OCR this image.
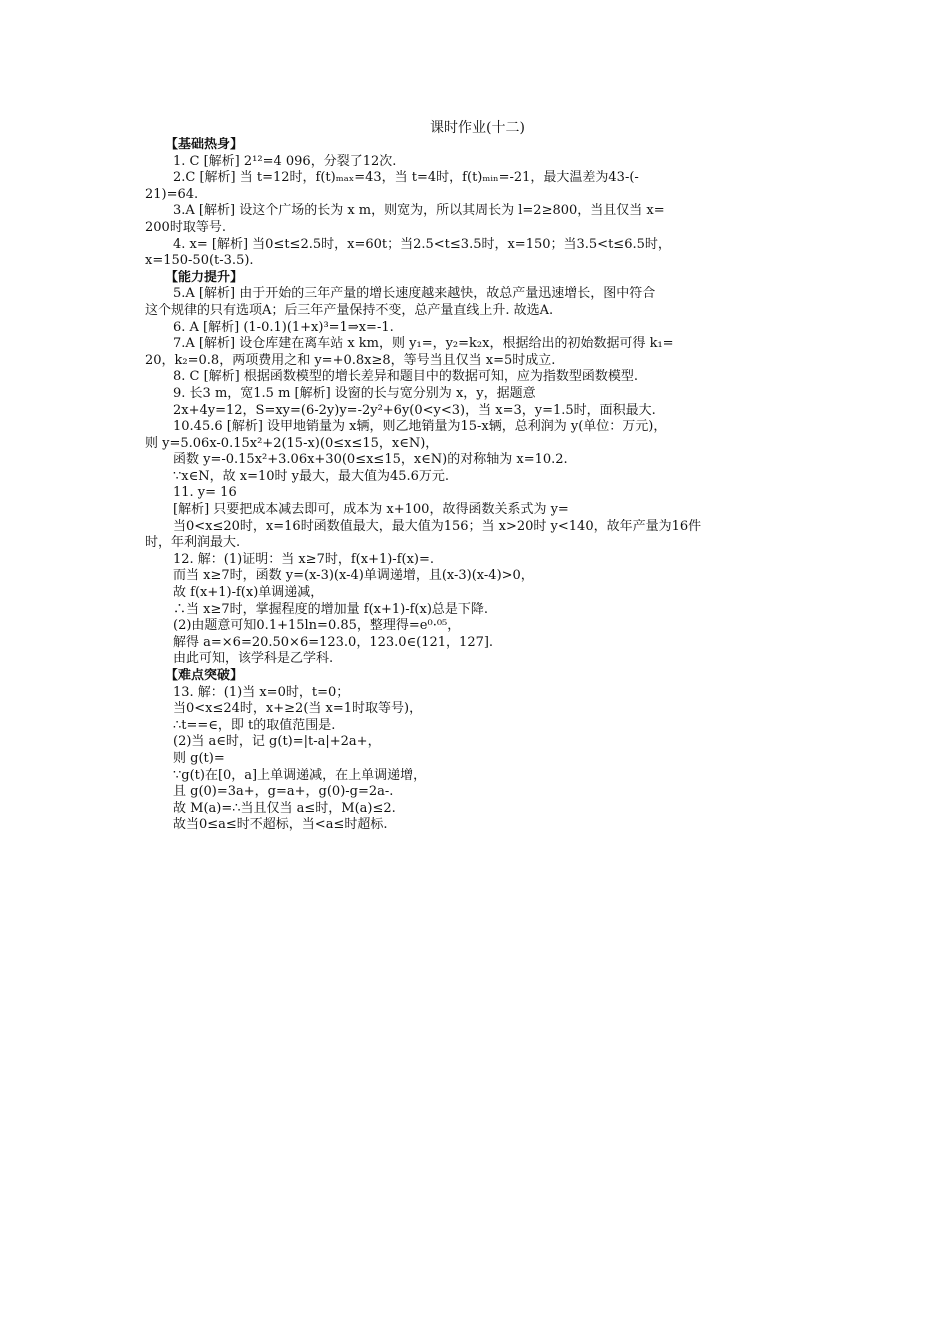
课时作业(十二)
【基础热身】
1. C [解析] 2¹²=4 096，分裂了12次.
2.C [解析] 当 t=12时，f(t)ₘₐₓ=43，当 t=4时，f(t)ₘᵢₙ=-21，最大温差为43-(-
21)=64.
3.A [解析] 设这个广场的长为 x m，则宽为，所以其周长为 l=2≥800，当且仅当 x=
200时取等号.
4. x= [解析] 当0≤t≤2.5时，x=60t；当2.5<t≤3.5时，x=150；当3.5<t≤6.5时，
x=150-50(t-3.5).
【能力提升】
5.A [解析] 由于开始的三年产量的增长速度越来越快，故总产量迅速增长，图中符合
这个规律的只有选项A；后三年产量保持不变，总产量直线上升. 故选A.
6. A [解析] (1-0.1)(1+x)³=1⇒x=-1.
7.A [解析] 设仓库建在离车站 x km，则 y₁=，y₂=k₂x，根据给出的初始数据可得 k₁=
20，k₂=0.8，两项费用之和 y=+0.8x≥8，等号当且仅当 x=5时成立.
8. C [解析] 根据函数模型的增长差异和题目中的数据可知，应为指数型函数模型.
9. 长3 m，宽1.5 m [解析] 设窗的长与宽分别为 x，y，据题意
2x+4y=12，S=xy=(6-2y)y=-2y²+6y(0<y<3)，当 x=3，y=1.5时，面积最大.
10.45.6 [解析] 设甲地销量为 x辆，则乙地销量为15-x辆，总利润为 y(单位：万元)，
则 y=5.06x-0.15x²+2(15-x)(0≤x≤15，x∈N)，
函数 y=-0.15x²+3.06x+30(0≤x≤15，x∈N)的对称轴为 x=10.2.
∵x∈N，故 x=10时 y最大，最大值为45.6万元.
11. y= 16
[解析] 只要把成本减去即可，成本为 x+100，故得函数关系式为 y=
当0<x≤20时，x=16时函数值最大，最大值为156；当 x>20时 y<140，故年产量为16件
时，年利润最大.
12. 解：(1)证明：当 x≥7时，f(x+1)-f(x)=.
而当 x≥7时，函数 y=(x-3)(x-4)单调递增，且(x-3)(x-4)>0，
故 f(x+1)-f(x)单调递减，
∴当 x≥7时，掌握程度的增加量 f(x+1)-f(x)总是下降.
(2)由题意可知0.1+15ln=0.85，整理得=e⁰·⁰⁵，
解得 a=×6=20.50×6=123.0，123.0∈(121，127].
由此可知，该学科是乙学科.
【难点突破】
13. 解：(1)当 x=0时，t=0；
当0<x≤24时，x+≥2(当 x=1时取等号)，
∴t==∈，即 t的取值范围是.
(2)当 a∈时，记 g(t)=|t-a|+2a+，
则 g(t)=
∵g(t)在[0，a]上单调递减，在上单调递增，
且 g(0)=3a+，g=a+，g(0)-g=2a-.
故 M(a)=∴当且仅当 a≤时，M(a)≤2.
故当0≤a≤时不超标，当<a≤时超标.
